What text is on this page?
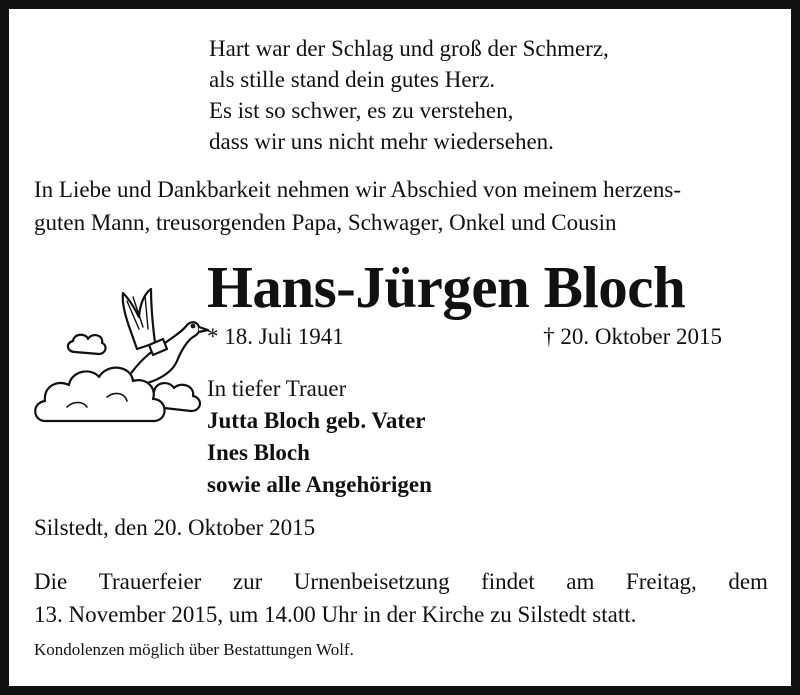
Hart war der Schlag und groß der Schmerz,
als stille stand dein gutes Herz.
Es ist so schwer, es zu verstehen,
dass wir uns nicht mehr wiedersehen.
In Liebe und Dankbarkeit nehmen wir Abschied von meinem herzens-
guten Mann, treusorgenden Papa, Schwager, Onkel und Cousin
Hans-Jürgen Bloch
* 18. Juli 1941	† 20. Oktober 2015
In tiefer Trauer
Jutta Bloch geb. Vater
Ines Bloch
sowie alle Angehörigen
Silstedt, den 20. Oktober 2015
Die Trauerfeier zur Urnenbeisetzung findet am Freitag, dem
13. November 2015, um 14.00 Uhr in der Kirche zu Silstedt statt.
Kondolenzen möglich über Bestattungen Wolf.
